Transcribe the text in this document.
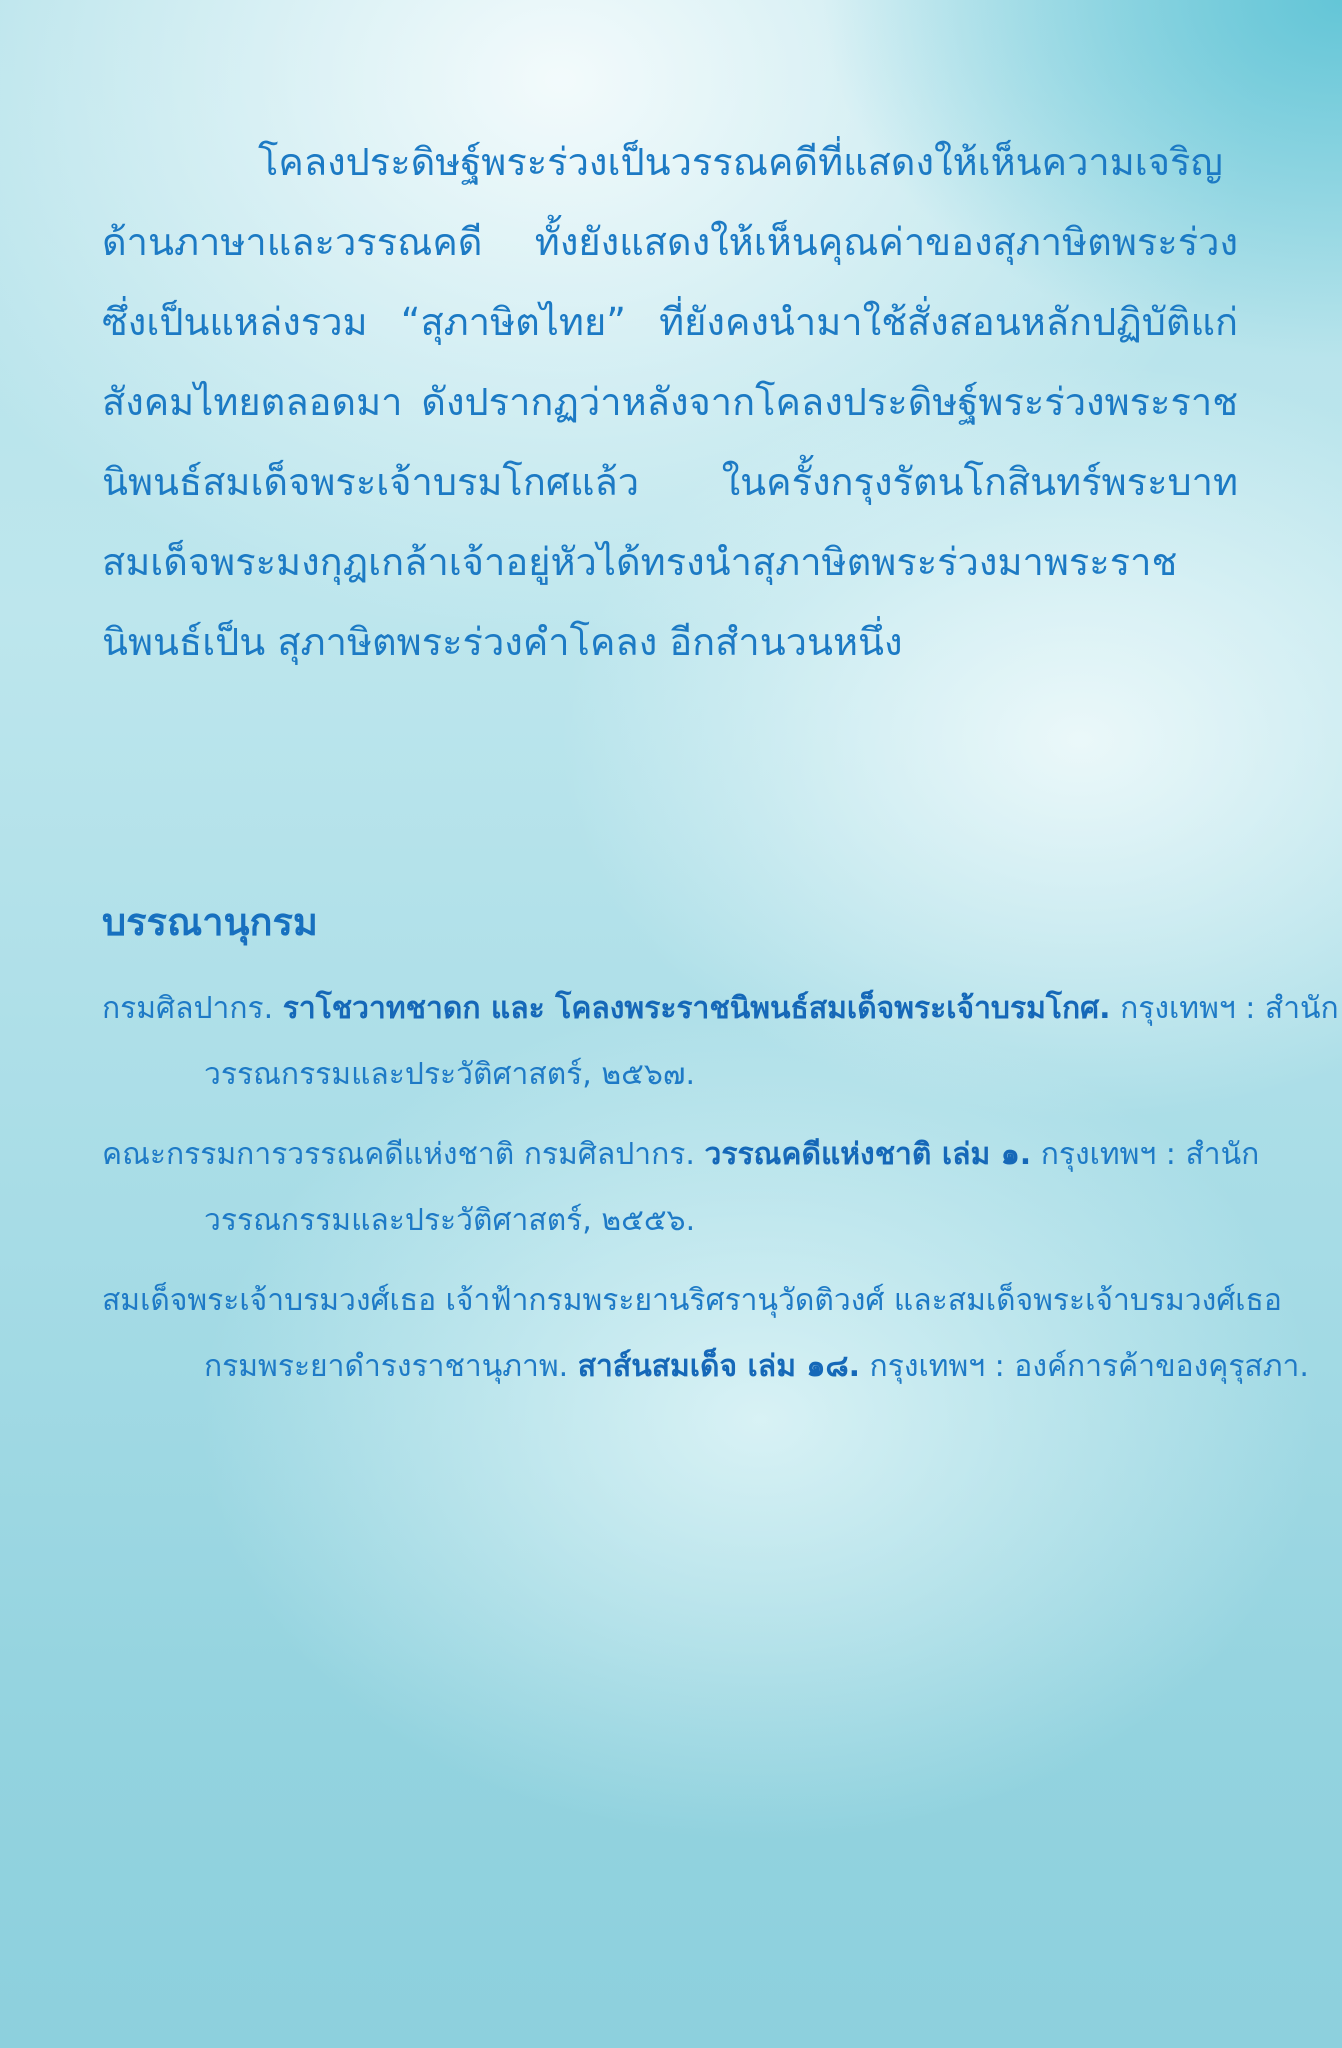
โคลงประดิษฐ์พระร่วงเป็นวรรณคดีที่แสดงให้เห็นความเจริญด้านภาษาและวรรณคดี ทั้งยังแสดงให้เห็นคุณค่าของสุภาษิตพระร่วงซึ่งเป็นแหล่งรวม “สุภาษิตไทย” ที่ยังคงนำมาใช้สั่งสอนหลักปฏิบัติแก่สังคมไทยตลอดมา ดังปรากฏว่าหลังจากโคลงประดิษฐ์พระร่วงพระราชนิพนธ์สมเด็จพระเจ้าบรมโกศแล้ว ในครั้งกรุงรัตนโกสินทร์พระบาทสมเด็จพระมงกุฎเกล้าเจ้าอยู่หัวได้ทรงนำสุภาษิตพระร่วงมาพระราชนิพนธ์เป็น สุภาษิตพระร่วงคำโคลง อีกสำนวนหนึ่ง

บรรณานุกรม

กรมศิลปากร. ราโชวาทชาดก และ โคลงพระราชนิพนธ์สมเด็จพระเจ้าบรมโกศ. กรุงเทพฯ : สำนักวรรณกรรมและประวัติศาสตร์, ๒๕๖๗.

คณะกรรมการวรรณคดีแห่งชาติ กรมศิลปากร. วรรณคดีแห่งชาติ เล่ม ๑. กรุงเทพฯ : สำนักวรรณกรรมและประวัติศาสตร์, ๒๕๕๖.

สมเด็จพระเจ้าบรมวงศ์เธอ เจ้าฟ้ากรมพระยานริศรานุวัดติวงศ์ และสมเด็จพระเจ้าบรมวงศ์เธอ กรมพระยาดำรงราชานุภาพ. สาส์นสมเด็จ เล่ม ๑๘. กรุงเทพฯ : องค์การค้าของคุรุสภา.
